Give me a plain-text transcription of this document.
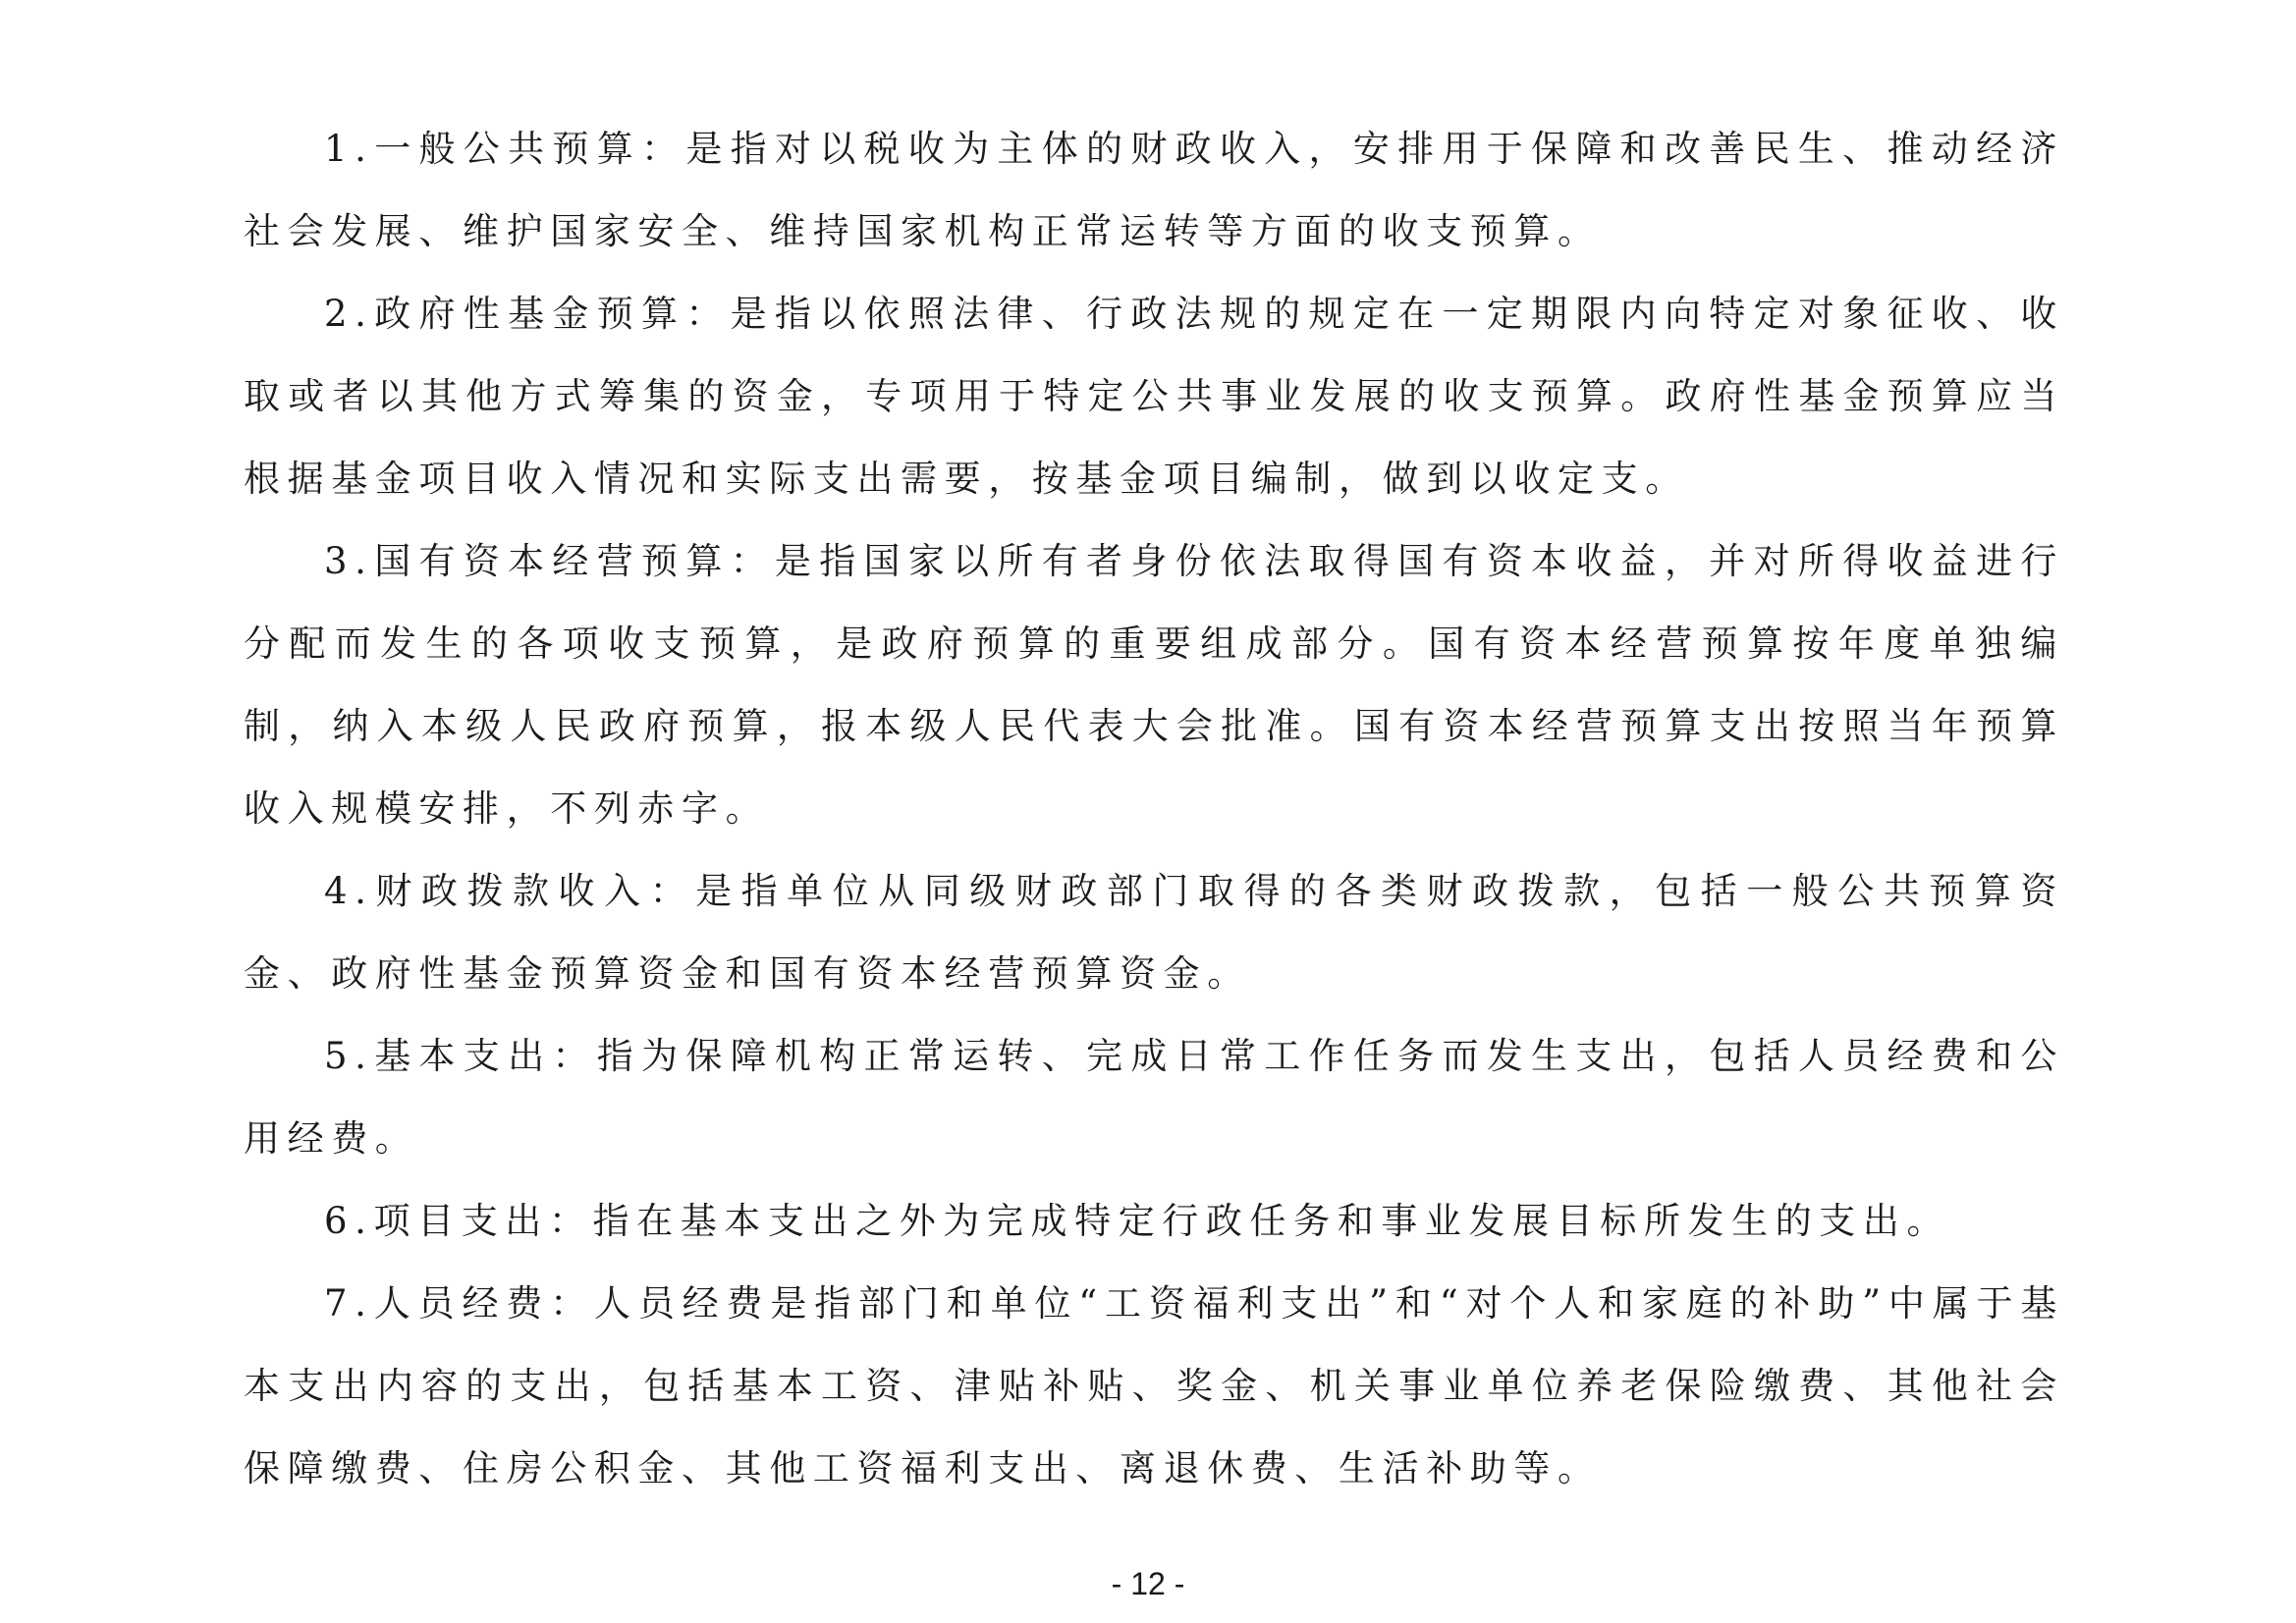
1.一般公共预算：是指对以税收为主体的财政收入，安排用于保障和改善民生、推动经济社会发展、维护国家安全、维持国家机构正常运转等方面的收支预算。

2.政府性基金预算：是指以依照法律、行政法规的规定在一定期限内向特定对象征收、收取或者以其他方式筹集的资金，专项用于特定公共事业发展的收支预算。政府性基金预算应当根据基金项目收入情况和实际支出需要，按基金项目编制，做到以收定支。

3.国有资本经营预算：是指国家以所有者身份依法取得国有资本收益，并对所得收益进行分配而发生的各项收支预算，是政府预算的重要组成部分。国有资本经营预算按年度单独编制，纳入本级人民政府预算，报本级人民代表大会批准。国有资本经营预算支出按照当年预算收入规模安排，不列赤字。

4.财政拨款收入：是指单位从同级财政部门取得的各类财政拨款，包括一般公共预算资金、政府性基金预算资金和国有资本经营预算资金。

5.基本支出：指为保障机构正常运转、完成日常工作任务而发生支出，包括人员经费和公用经费。

6.项目支出：指在基本支出之外为完成特定行政任务和事业发展目标所发生的支出。

7.人员经费：人员经费是指部门和单位“工资福利支出”和“对个人和家庭的补助”中属于基本支出内容的支出，包括基本工资、津贴补贴、奖金、机关事业单位养老保险缴费、其他社会保障缴费、住房公积金、其他工资福利支出、离退休费、生活补助等。

- 12 -
